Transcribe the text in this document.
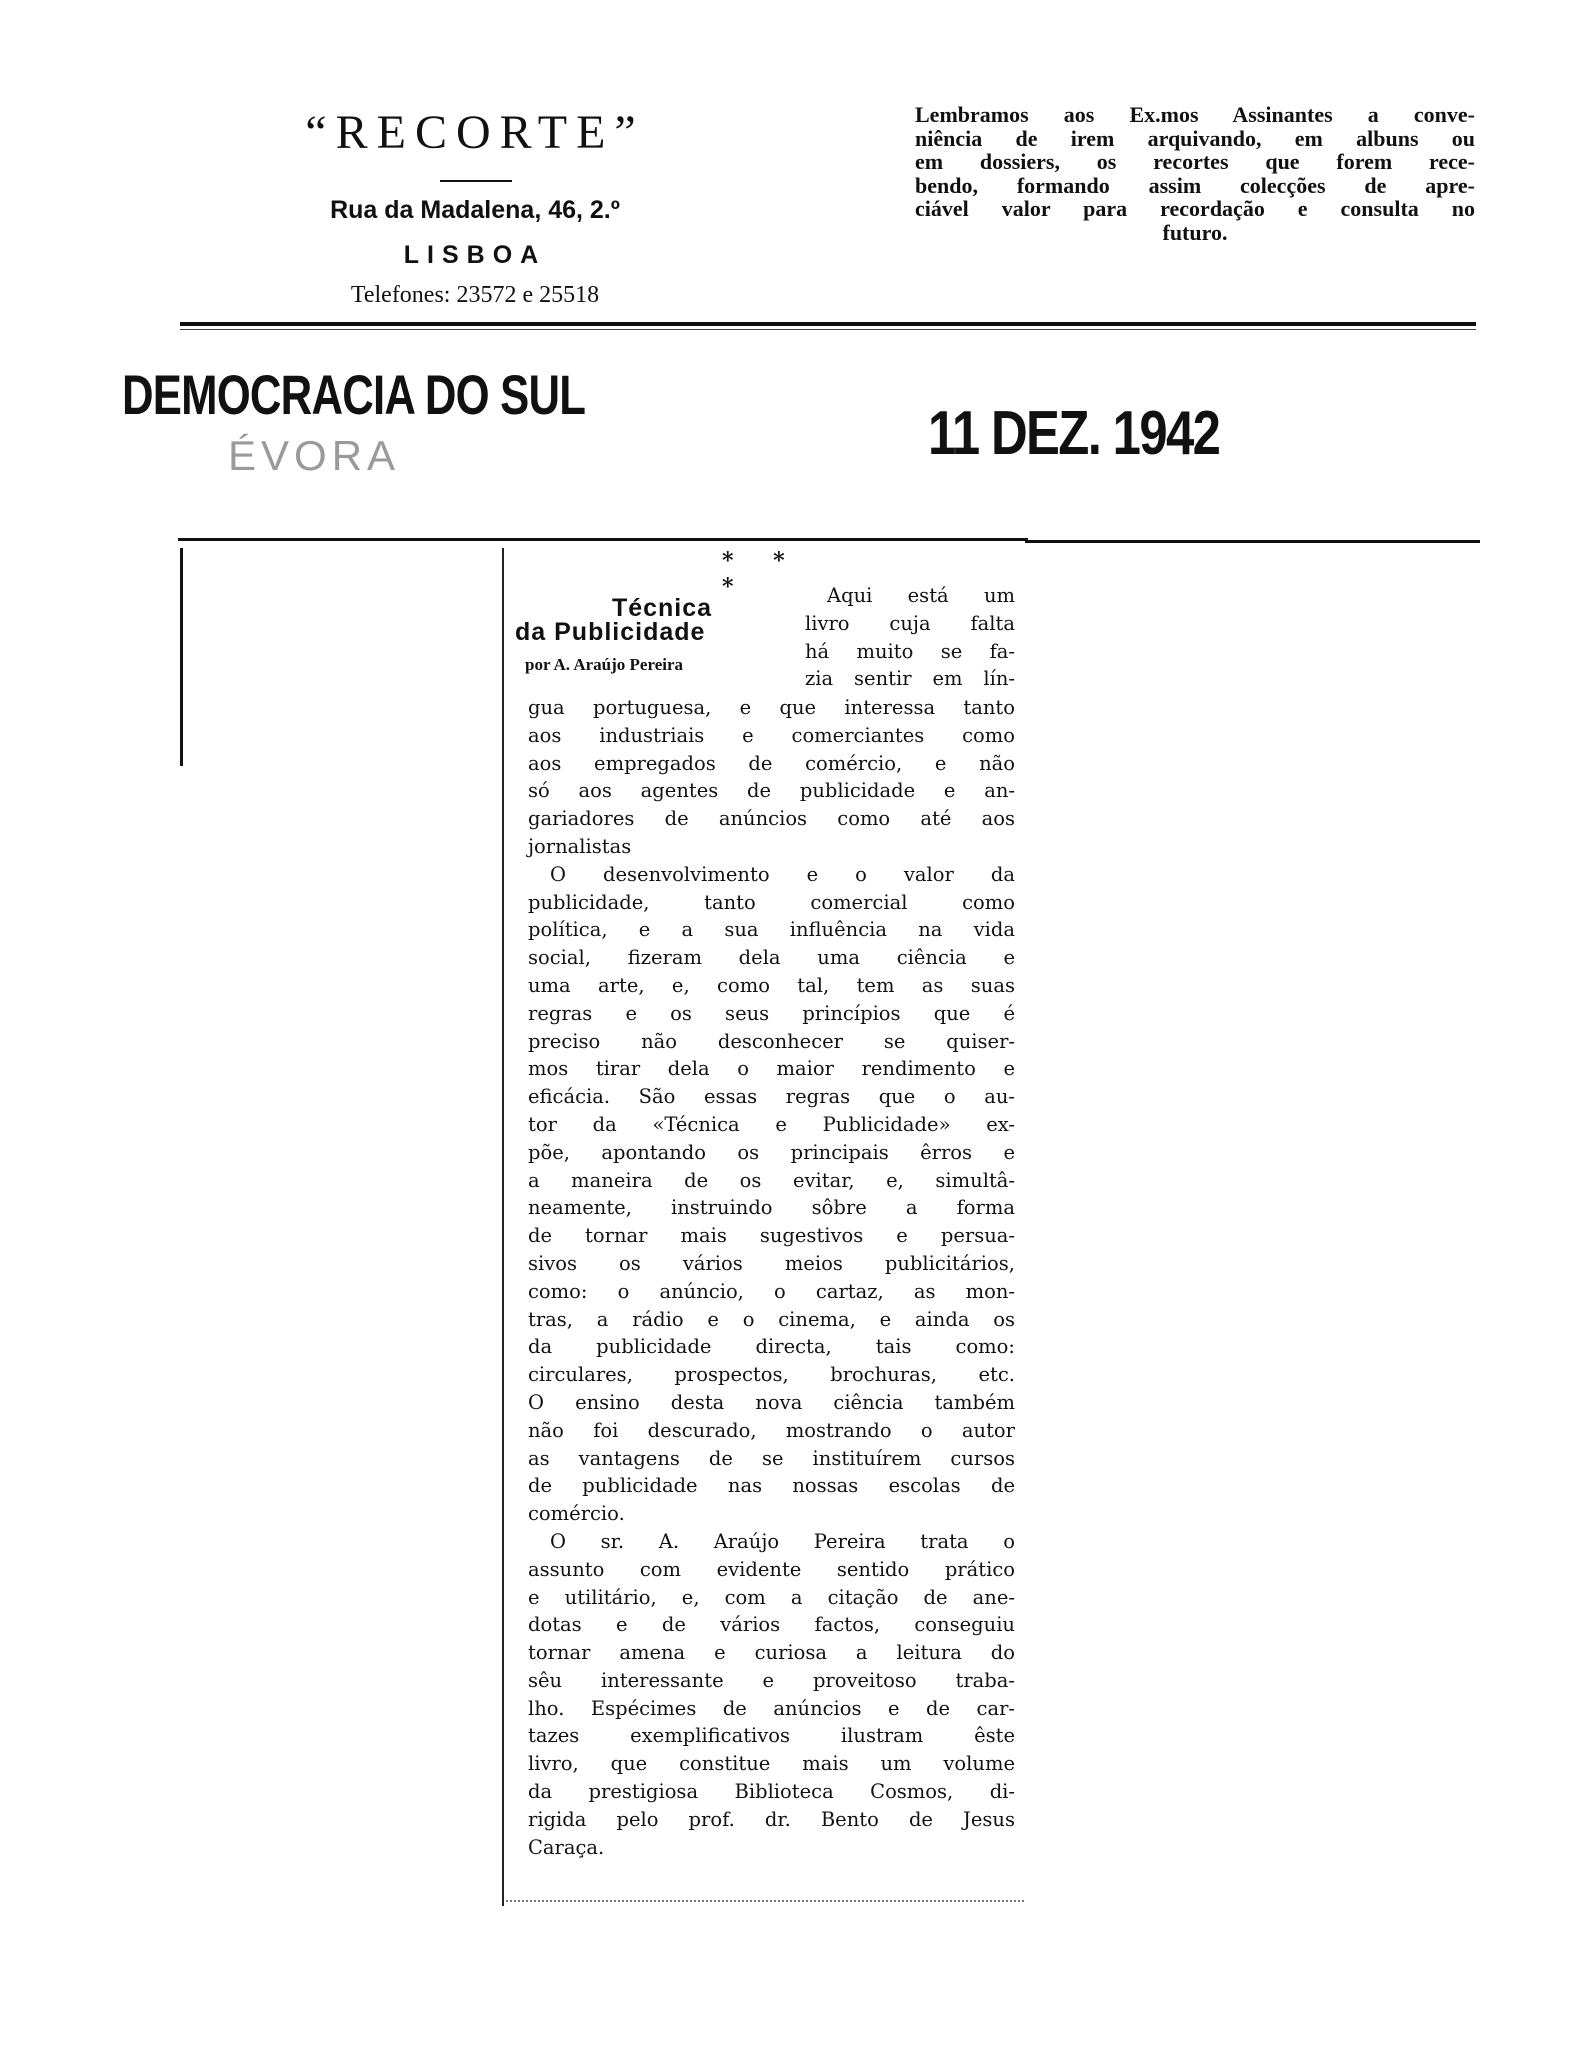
“RECORTE”
Rua da Madalena, 46, 2.º
LISBOA
Telefones: 23572 e 25518
Lembramos aos Ex.mos Assinantes a conve-
niência de irem arquivando, em albuns ou
em dossiers, os recortes que forem rece-
bendo, formando assim colecções de apre-
ciável valor para recordação e consulta no
futuro.
DEMOCRACIA DO SUL
ÉVORA	11 DEZ. 1942
* * *
Técnica
da Publicidade
por A. Araújo Pereira
Aqui está um
livro cuja falta
há muito se fa-
zia sentir em lín-
gua portuguesa, e que interessa tanto
aos industriais e comerciantes como
aos empregados de comércio, e não
só aos agentes de publicidade e an-
gariadores de anúncios como até aos
jornalistas
O desenvolvimento e o valor da
publicidade, tanto comercial como
política, e a sua influência na vida
social, fizeram dela uma ciência e
uma arte, e, como tal, tem as suas
regras e os seus princípios que é
preciso não desconhecer se quiser-
mos tirar dela o maior rendimento e
eficácia. São essas regras que o au-
tor da «Técnica e Publicidade» ex-
põe, apontando os principais êrros e
a maneira de os evitar, e, simultâ-
neamente, instruindo sôbre a forma
de tornar mais sugestivos e persua-
sivos os vários meios publicitários,
como: o anúncio, o cartaz, as mon-
tras, a rádio e o cinema, e ainda os
da publicidade directa, tais como:
circulares, prospectos, brochuras, etc.
O ensino desta nova ciência também
não foi descurado, mostrando o autor
as vantagens de se instituírem cursos
de publicidade nas nossas escolas de
comércio.
O sr. A. Araújo Pereira trata o
assunto com evidente sentido prático
e utilitário, e, com a citação de ane-
dotas e de vários factos, conseguiu
tornar amena e curiosa a leitura do
sêu interessante e proveitoso traba-
lho. Espécimes de anúncios e de car-
tazes exemplificativos ilustram êste
livro, que constitue mais um volume
da prestigiosa Biblioteca Cosmos, di-
rigida pelo prof. dr. Bento de Jesus
Caraça.
